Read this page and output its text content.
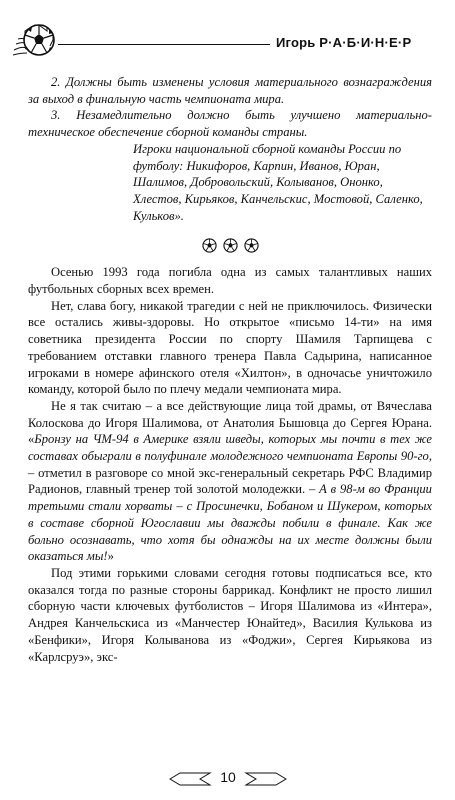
Игорь Р·А·Б·И·Н·Е·Р

2. Должны быть изменены условия материального вознаграждения за выход в финальную часть чемпионата мира.

3. Незамедлительно должно быть улучшено материально-техническое обеспечение сборной команды страны.

Игроки национальной сборной команды России по футболу: Никифоров, Карпин, Иванов, Юран, Шалимов, Добровольский, Колыванов, Ононко, Хлестов, Кирьяков, Канчельскис, Мостовой, Саленко, Кульков».

Осенью 1993 года погибла одна из самых талантливых наших футбольных сборных всех времен.

Нет, слава богу, никакой трагедии с ней не приключилось. Физически все остались живы-здоровы. Но открытое «письмо 14-ти» на имя советника президента России по спорту Шамиля Тарпищева с требованием отставки главного тренера Павла Садырина, написанное игроками в номере афинского отеля «Хилтон», в одночасье уничтожило команду, которой было по плечу медали чемпионата мира.

Не я так считаю – а все действующие лица той драмы, от Вячеслава Колоскова до Игоря Шалимова, от Анатолия Бышовца до Сергея Юрана. «Бронзу на ЧМ-94 в Америке взяли шведы, которых мы почти в тех же составах обыграли в полуфинале молодежного чемпионата Европы 90-го, – отметил в разговоре со мной экс-генеральный секретарь РФС Владимир Радионов, главный тренер той золотой молодежки. – А в 98-м во Франции третьими стали хорваты – с Просинечки, Бобаном и Шукером, которых в составе сборной Югославии мы дважды побили в финале. Как же больно осознавать, что хотя бы однажды на их месте должны были оказаться мы!»

Под этими горькими словами сегодня готовы подписаться все, кто оказался тогда по разные стороны баррикад. Конфликт не просто лишил сборную части ключевых футболистов – Игоря Шалимова из «Интера», Андрея Канчельскиса из «Манчестер Юнайтед», Василия Кулькова из «Бенфики», Игоря Колыванова из «Фоджи», Сергея Кирьякова из «Карлсруэ», экс-

10
